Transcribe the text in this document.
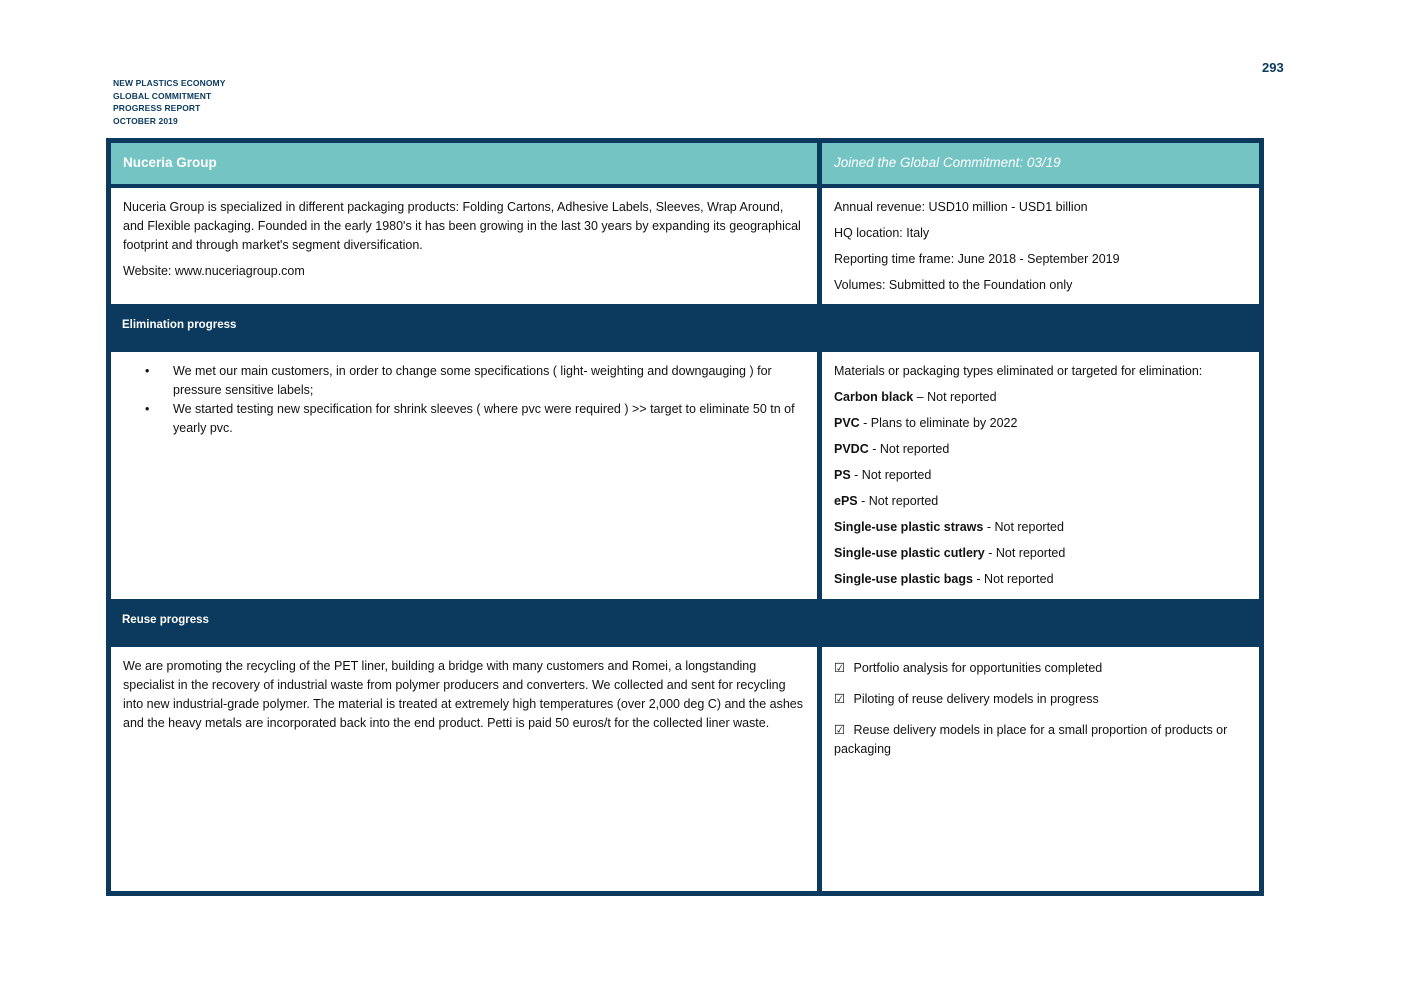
NEW PLASTICS ECONOMY
GLOBAL COMMITMENT
PROGRESS REPORT
OCTOBER 2019
293
Nuceria Group	Joined the Global Commitment: 03/19

Nuceria Group is specialized in different packaging products: Folding Cartons, Adhesive Labels, Sleeves, Wrap Around, and Flexible packaging. Founded in the early 1980's it has been growing in the last 30 years by expanding its geographical footprint and through market's segment diversification.

Website: www.nuceriagroup.com

Annual revenue: USD10 million - USD1 billion

HQ location: Italy

Reporting time frame: June 2018 - September 2019

Volumes: Submitted to the Foundation only

Elimination progress
• We met our main customers, in order to change some specifications ( light- weighting and downgauging ) for pressure sensitive labels;
• We started testing new specification for shrink sleeves ( where pvc were required ) >> target to eliminate 50 tn of yearly pvc.

Materials or packaging types eliminated or targeted for elimination:

Carbon black – Not reported

PVC - Plans to eliminate by 2022

PVDC - Not reported

PS - Not reported

ePS - Not reported

Single-use plastic straws - Not reported

Single-use plastic cutlery - Not reported

Single-use plastic bags - Not reported

Reuse progress

We are promoting the recycling of the PET liner, building a bridge with many customers and Romei, a longstanding specialist in the recovery of industrial waste from polymer producers and converters. We collected and sent for recycling into new industrial-grade polymer. The material is treated at extremely high temperatures (over 2,000 deg C) and the ashes and the heavy metals are incorporated back into the end product. Petti is paid 50 euros/t for the collected liner waste.

☑ Portfolio analysis for opportunities completed

☑ Piloting of reuse delivery models in progress

☑ Reuse delivery models in place for a small proportion of products or packaging
